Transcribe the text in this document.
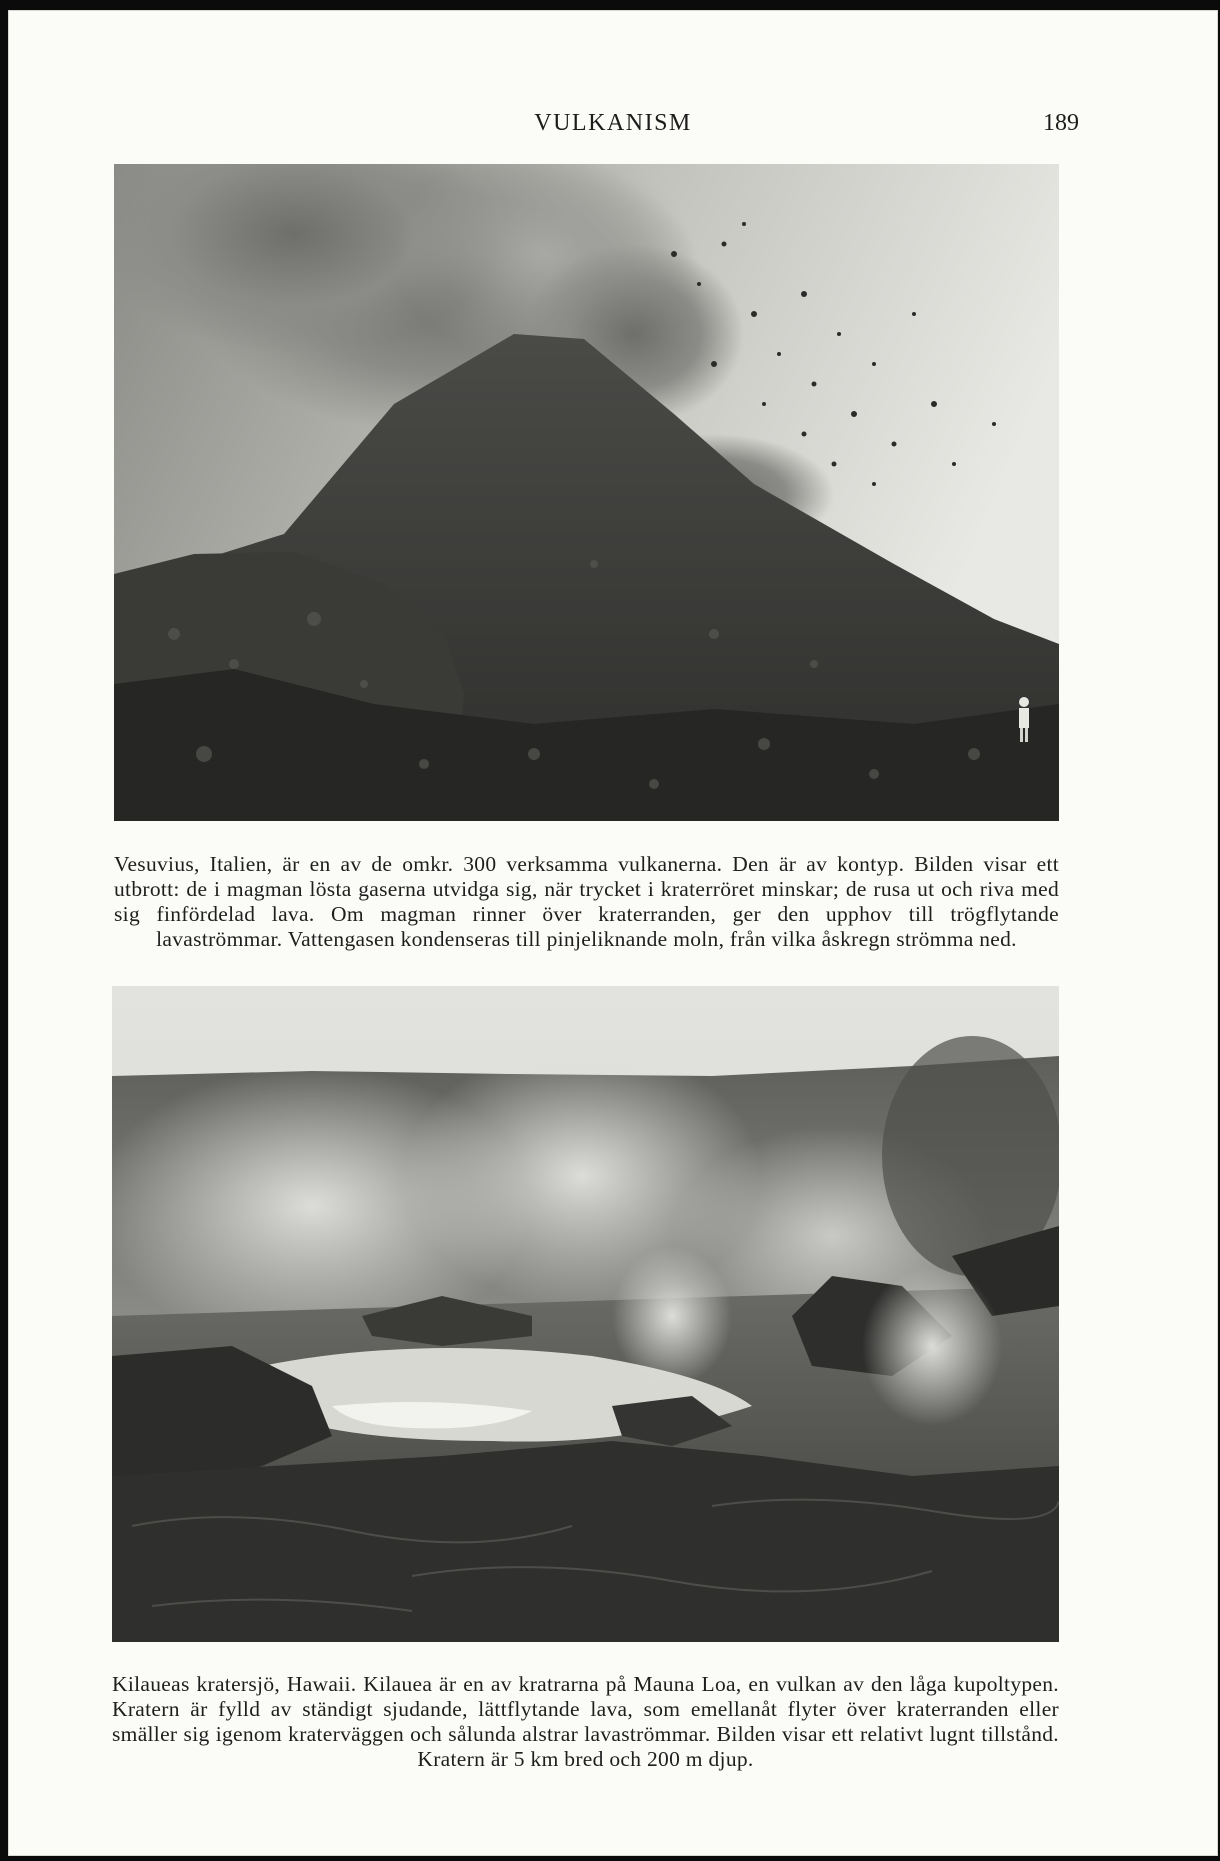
VULKANISM	189
Vesuvius, Italien, är en av de omkr. 300 verksamma vulkanerna. Den är av kontyp. Bilden visar ett utbrott: de i magman lösta gaserna utvidga sig, när trycket i kraterröret minskar; de rusa ut och riva med sig finfördelad lava. Om magman rinner över kraterranden, ger den upphov till trögflytande lavaströmmar. Vattengasen kondenseras till pinjeliknande moln, från vilka åskregn strömma ned.
Kilaueas kratersjö, Hawaii. Kilauea är en av kratrarna på Mauna Loa, en vulkan av den låga kupoltypen. Kratern är fylld av ständigt sjudande, lättflytande lava, som emellanåt flyter över kraterranden eller smäller sig igenom kraterväggen och sålunda alstrar lavaströmmar. Bilden visar ett relativt lugnt tillstånd. Kratern är 5 km bred och 200 m djup.
